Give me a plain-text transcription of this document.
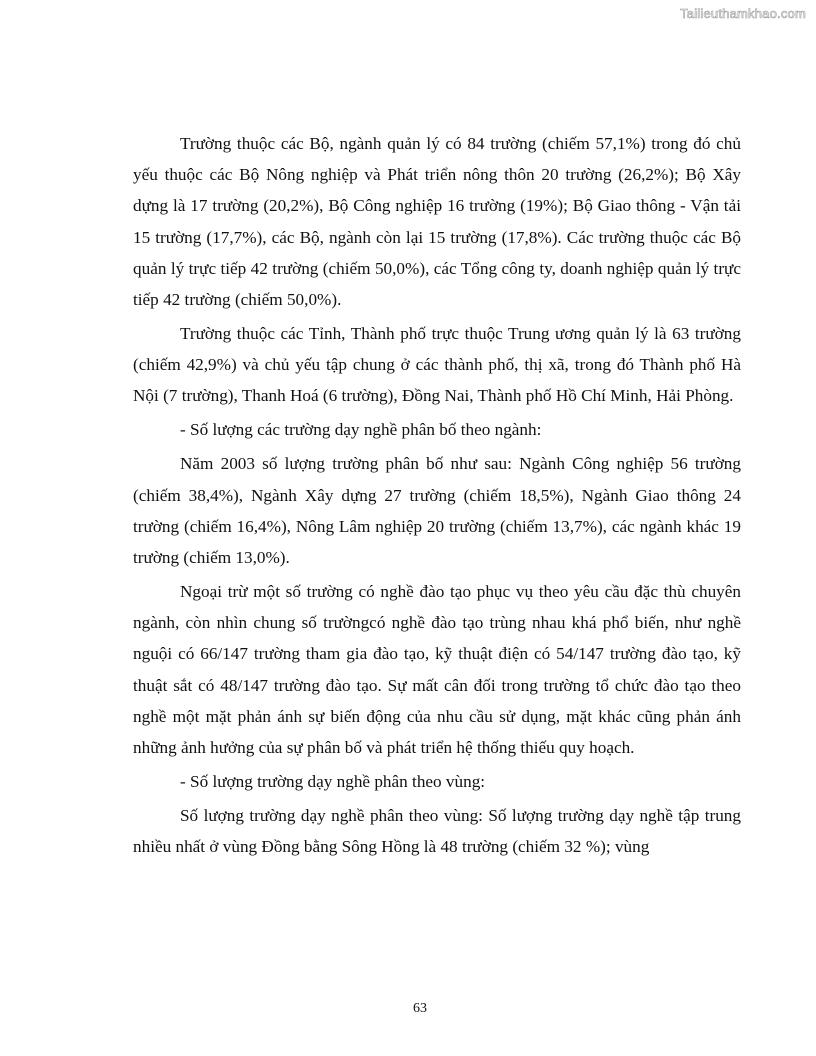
Tailieuthamkhao.com

Trường thuộc các Bộ, ngành quản lý có 84 trường (chiếm 57,1%) trong đó chủ yếu thuộc các Bộ Nông nghiệp và Phát triển nông thôn 20 trường (26,2%); Bộ Xây dựng là 17 trường (20,2%), Bộ Công nghiệp 16 trường (19%); Bộ Giao thông - Vận tải 15 trường (17,7%), các Bộ, ngành còn lại 15 trường (17,8%). Các trường thuộc các Bộ quản lý trực tiếp 42 trường (chiếm 50,0%), các Tổng công ty, doanh nghiệp quản lý trực tiếp 42 trường (chiếm 50,0%).

Trường thuộc các Tỉnh, Thành phố trực thuộc Trung ương quản lý là 63 trường (chiếm 42,9%) và chủ yếu tập chung ở các thành phố, thị xã, trong đó Thành phố Hà Nội (7 trường), Thanh Hoá (6 trường), Đồng Nai, Thành phố Hồ Chí Minh, Hải Phòng.

- Số lượng các trường dạy nghề phân bố theo ngành:

Năm 2003 số lượng trường phân bố như sau: Ngành Công nghiệp 56 trường (chiếm 38,4%), Ngành Xây dựng 27 trường (chiếm 18,5%), Ngành Giao thông 24 trường (chiếm 16,4%), Nông Lâm nghiệp 20 trường (chiếm 13,7%), các ngành khác 19 trường (chiếm 13,0%).

Ngoại trừ một số trường có nghề đào tạo phục vụ theo yêu cầu đặc thù chuyên ngành, còn nhìn chung số trườngcó nghề đào tạo trùng nhau khá phổ biến, như nghề nguội có 66/147 trường tham gia đào tạo, kỹ thuật điện có 54/147 trường đào tạo, kỹ thuật sắt có 48/147 trường đào tạo. Sự mất cân đối trong trường tổ chức đào tạo theo nghề một mặt phản ánh sự biến động của nhu cầu sử dụng, mặt khác cũng phản ánh những ảnh hưởng của sự phân bố và phát triển hệ thống thiếu quy hoạch.

- Số lượng trường dạy nghề phân theo vùng:

Số lượng trường dạy nghề phân theo vùng: Số lượng trường dạy nghề tập trung nhiều nhất ở vùng Đồng bằng Sông Hồng là 48 trường (chiếm 32 %); vùng

63
